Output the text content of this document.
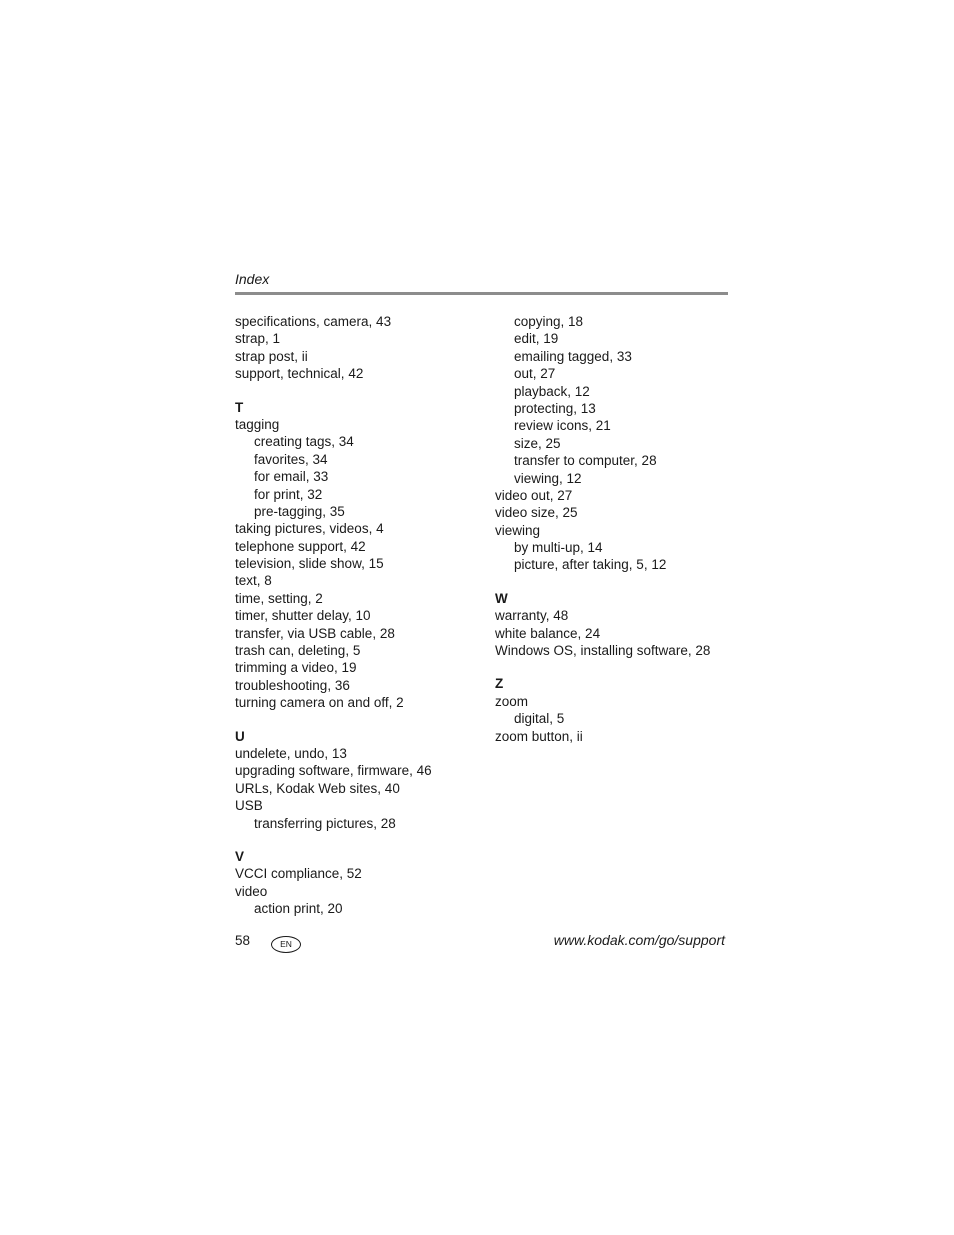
Index
specifications, camera, 43
strap, 1
strap post, ii
support, technical, 42
T
tagging
creating tags, 34
favorites, 34
for email, 33
for print, 32
pre-tagging, 35
taking pictures, videos, 4
telephone support, 42
television, slide show, 15
text, 8
time, setting, 2
timer, shutter delay, 10
transfer, via USB cable, 28
trash can, deleting, 5
trimming a video, 19
troubleshooting, 36
turning camera on and off, 2
U
undelete, undo, 13
upgrading software, firmware, 46
URLs, Kodak Web sites, 40
USB
transferring pictures, 28
V
VCCI compliance, 52
video
action print, 20
copying, 18
edit, 19
emailing tagged, 33
out, 27
playback, 12
protecting, 13
review icons, 21
size, 25
transfer to computer, 28
viewing, 12
video out, 27
video size, 25
viewing
by multi-up, 14
picture, after taking, 5, 12
W
warranty, 48
white balance, 24
Windows OS, installing software, 28
Z
zoom
digital, 5
zoom button, ii
58	EN	www.kodak.com/go/support
